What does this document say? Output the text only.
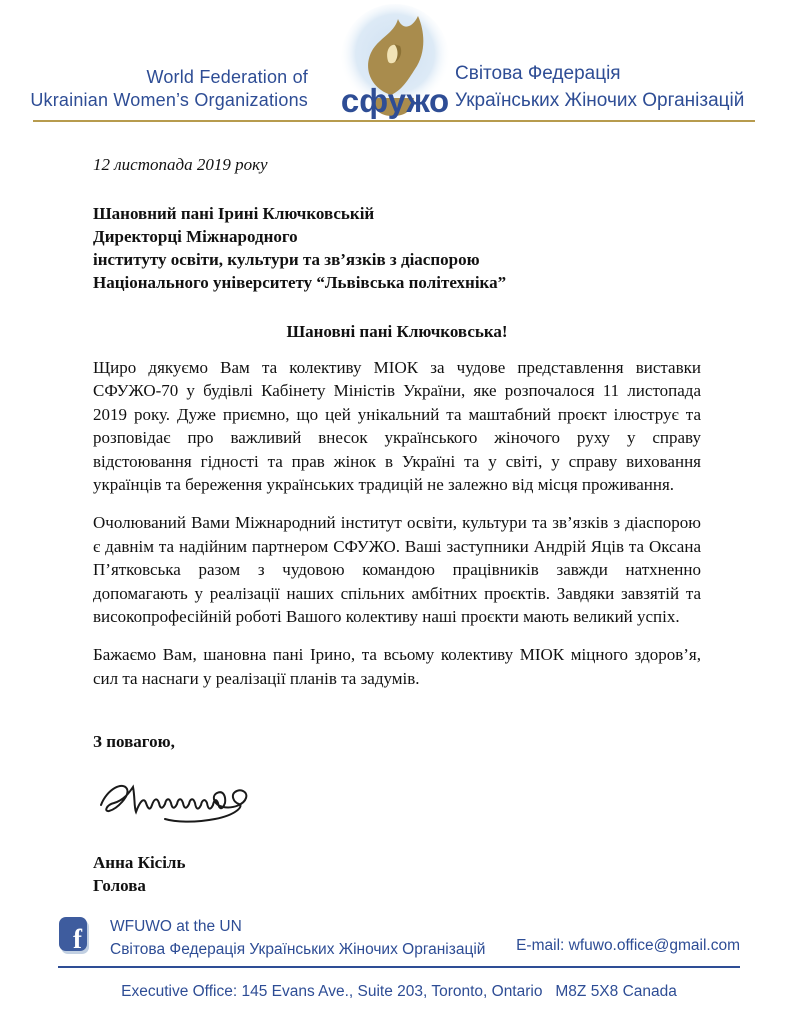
World Federation of
Ukrainian Women’s Organizations сфужо
Світова Федерація
Українських Жіночих Організацій

12 листопада 2019 року

Шановний пані Ірині Ключковській
Директорці Міжнародного
інституту освіти, культури та зв’язків з діаспорою
Національного університету “Львівська політехніка”
Шановні пані Ключковська!

Щиро дякуємо Вам та колективу МІОК за чудове представлення виставки СФУЖО-70 у будівлі Кабінету Міністів України, яке розпочалося 11 листопада 2019 року. Дуже приємно, що цей унікальний та маштабний проєкт ілюструє та розповідає про важливий внесок українського жіночого руху у справу відстоювання гідності та прав жінок в Україні та у світі, у справу виховання українців та береження українських традицій не залежно від місця проживання.

Очолюваний Вами Міжнародний інститут освіти, культури та зв’язків з діаспорою є давнім та надійним партнером СФУЖО. Ваші заступники Андрій Яців та Оксана П’ятковська разом з чудовою командою працівників завжди натхненно допомагають у реалізації наших спільних амбітних проєктів. Завдяки завзятій та високопрофесійній роботі Вашого колективу наші проєкти мають великий успіх.

Бажаємо Вам, шановна пані Ірино, та всьому колективу МІОК міцного здоров’я, сил та наснаги у реалізації планів та задумів.

З повагою,
Анна Кісіль
Голова
f WFUWO at the UN
Світова Федерація Українських Жіночих Організацій	E-mail: wfuwo.office@gmail.com
Executive Office: 145 Evans Ave., Suite 203, Toronto, Ontario   M8Z 5X8 Canada
